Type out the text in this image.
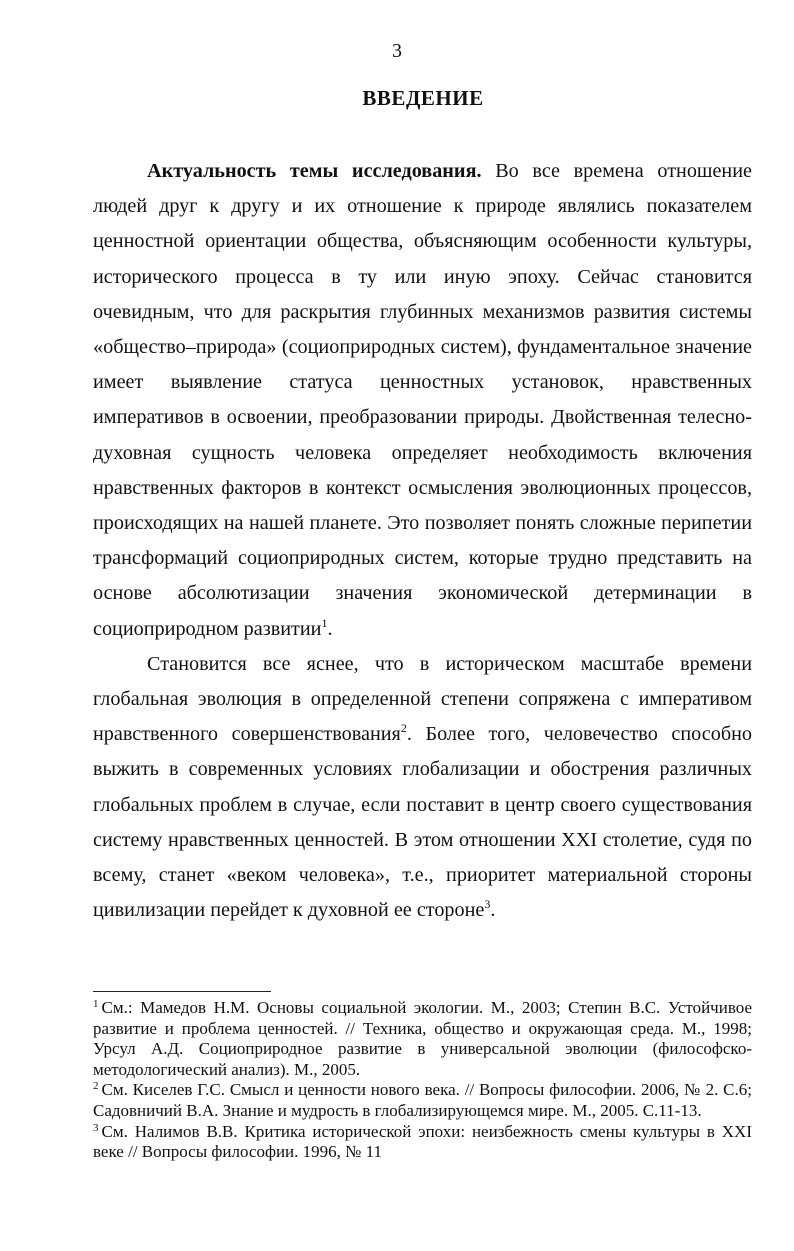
3
ВВЕДЕНИЕ

Актуальность темы исследования. Во все времена отношение людей друг к другу и их отношение к природе являлись показателем ценностной ориентации общества, объясняющим особенности культуры, исторического процесса в ту или иную эпоху. Сейчас становится очевидным, что для раскрытия глубинных механизмов развития системы «общество–природа» (социоприродных систем), фундаментальное значение имеет выявление статуса ценностных установок, нравственных императивов в освоении, преобразовании природы. Двойственная телесно-духовная сущность человека определяет необходимость включения нравственных факторов в контекст осмысления эволюционных процессов, происходящих на нашей планете. Это позволяет понять сложные перипетии трансформаций социоприродных систем, которые трудно представить на основе абсолютизации значения экономической детерминации в социоприродном развитии$^1$.

Становится все яснее, что в историческом масштабе времени глобальная эволюция в определенной степени сопряжена с императивом нравственного совершенствования$^2$. Более того, человечество способно выжить в современных условиях глобализации и обострения различных глобальных проблем в случае, если поставит в центр своего существования систему нравственных ценностей. В этом отношении XXI столетие, судя по всему, станет «веком человека», т.е., приоритет материальной стороны цивилизации перейдет к духовной ее стороне$^3$.

$^1$ См.: Мамедов Н.М. Основы социальной экологии. М., 2003; Степин В.С. Устойчивое развитие и проблема ценностей. // Техника, общество и окружающая среда. М., 1998; Урсул А.Д. Социоприродное развитие в универсальной эволюции (философско-методологический анализ). М., 2005.
$^2$ См. Киселев Г.С. Смысл и ценности нового века. // Вопросы философии. 2006, № 2. С.6; Садовничий В.А. Знание и мудрость в глобализирующемся мире. М., 2005. С.11-13.
$^3$ См. Налимов В.В. Критика исторической эпохи: неизбежность смены культуры в XXI веке // Вопросы философии. 1996, № 11
